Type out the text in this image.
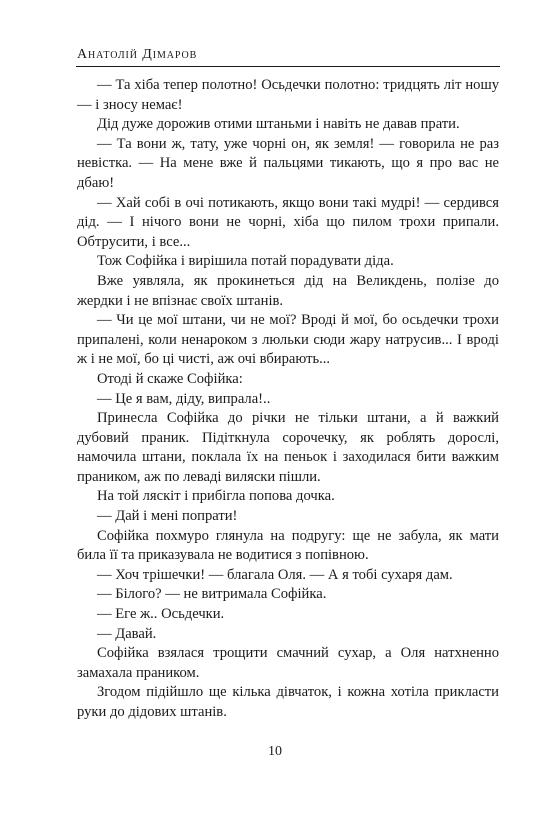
Анатолій Дімаров

— Та хіба тепер полотно! Осьдечки полотно: тридцять літ ношу — і зносу немає!

Дід дуже дорожив отими штаньми і навіть не давав прати.

— Та вони ж, тату, уже чорні он, як земля! — говорила не раз невістка. — На мене вже й пальцями тикають, що я про вас не дбаю!

— Хай собі в очі потикають, якщо вони такі мудрі! — сердився дід. — І нічого вони не чорні, хіба що пилом трохи припали. Обтрусити, і все...

Тож Софійка і вирішила потай порадувати діда.

Вже уявляла, як прокинеться дід на Великдень, полізе до жердки і не впізнає своїх штанів.

— Чи це мої штани, чи не мої? Вроді й мої, бо осьдечки трохи припалені, коли ненароком з люльки сюди жару натрусив... І вроді ж і не мої, бо ці чисті, аж очі вбирають...

Отоді й скаже Софійка:

— Це я вам, діду, випрала!..

Принесла Софійка до річки не тільки штани, а й важкий дубовий праник. Підіткнула сорочечку, як роблять дорослі, намочила штани, поклала їх на пеньок і заходилася бити важким праником, аж по леваді виляски пішли.

На той ляскіт і прибігла попова дочка.

— Дай і мені попрати!

Софійка похмуро глянула на подругу: ще не забула, як мати била її та приказувала не водитися з попівною.

— Хоч трішечки! — благала Оля. — А я тобі сухаря дам.

— Білого? — не витримала Софійка.

— Еге ж.. Осьдечки.

— Давай.

Софійка взялася трощити смачний сухар, а Оля натхненно замахала праником.

Згодом підійшло ще кілька дівчаток, і кожна хотіла прикласти руки до дідових штанів.

10
